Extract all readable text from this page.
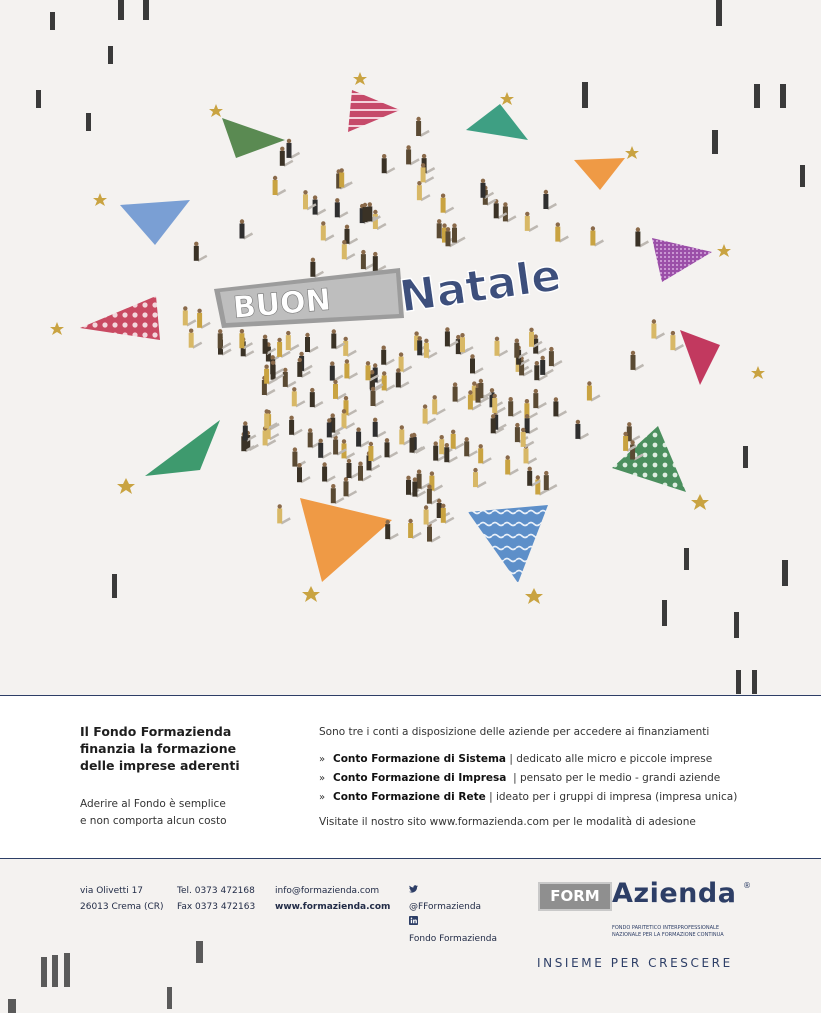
BUON Natale
Il Fondo Formazienda
finanzia la formazione
delle imprese aderenti
Aderire al Fondo è semplice
e non comporta alcun costo
Sono tre i conti a disposizione delle aziende per accedere ai finanziamenti
» Conto Formazione di Sistema | dedicato alle micro e piccole imprese
» Conto Formazione di Impresa  | pensato per le medio - grandi aziende
» Conto Formazione di Rete | ideato per i gruppi di impresa (impresa unica)
Visitate il nostro sito www.formazienda.com per le modalità di adesione
via Olivetti 17
26013 Crema (CR)
Tel. 0373 472168
Fax 0373 472163
info@formazienda.com
www.formazienda.com @FFormazienda
Fondo Formazienda
FORM Azienda ®
FONDO PARITETICO INTERPROFESSIONALE
NAZIONALE PER LA FORMAZIONE CONTINUA
INSIEME PER CRESCERE
